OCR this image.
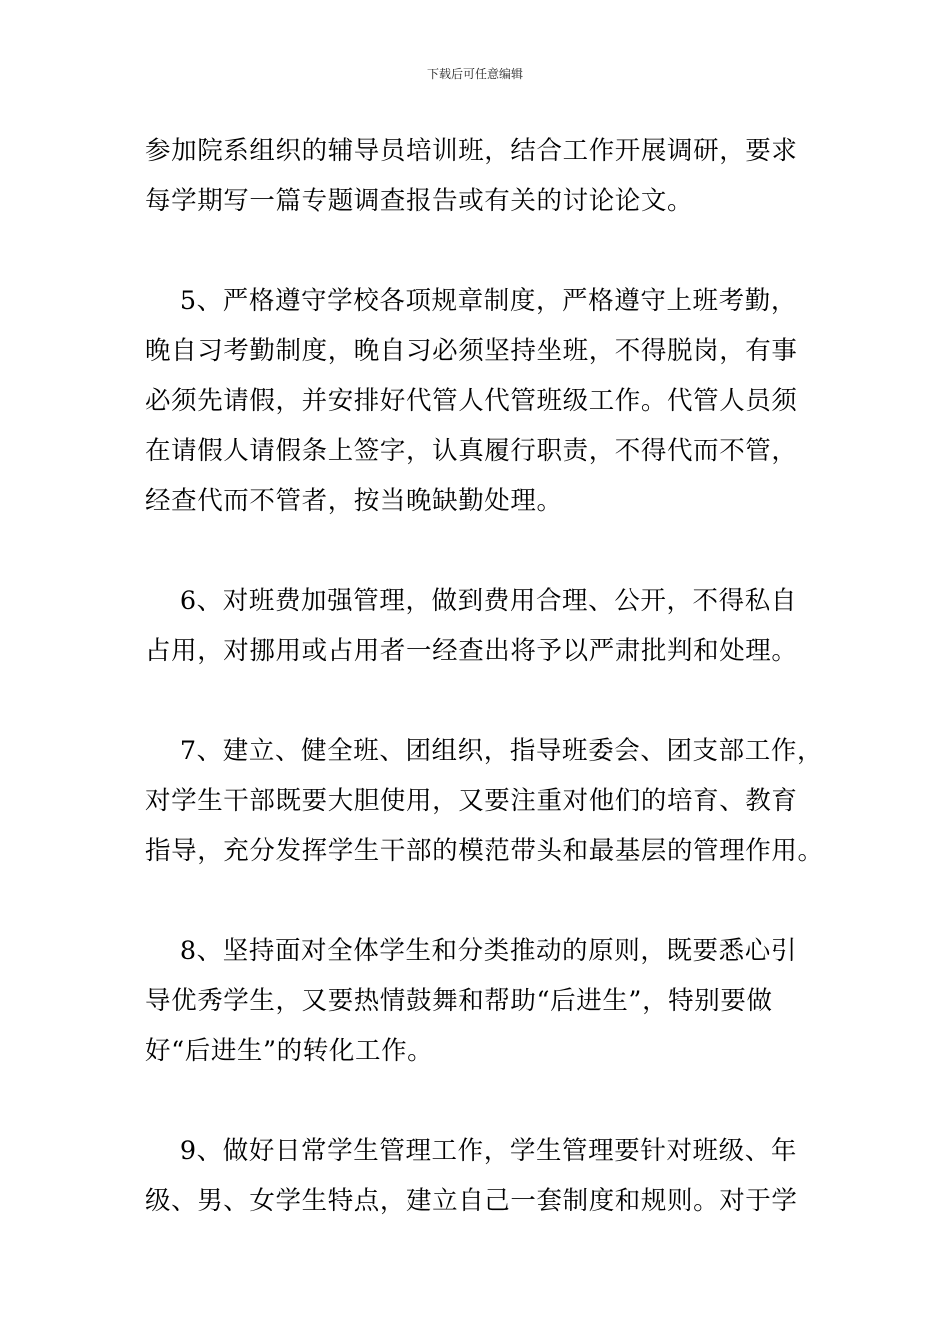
下载后可任意编辑
参加院系组织的辅导员培训班，结合工作开展调研，要求
每学期写一篇专题调查报告或有关的讨论论文。
5、严格遵守学校各项规章制度，严格遵守上班考勤，
晚自习考勤制度，晚自习必须坚持坐班，不得脱岗，有事
必须先请假，并安排好代管人代管班级工作。代管人员须
在请假人请假条上签字，认真履行职责，不得代而不管，
经查代而不管者，按当晚缺勤处理。
6、对班费加强管理，做到费用合理、公开，不得私自
占用，对挪用或占用者一经查出将予以严肃批判和处理。
7、建立、健全班、团组织，指导班委会、团支部工作，
对学生干部既要大胆使用，又要注重对他们的培育、教育
指导，充分发挥学生干部的模范带头和最基层的管理作用。
8、坚持面对全体学生和分类推动的原则，既要悉心引
导优秀学生，又要热情鼓舞和帮助“后进生”，特别要做
好“后进生”的转化工作。
9、做好日常学生管理工作，学生管理要针对班级、年
级、男、女学生特点，建立自己一套制度和规则。对于学
